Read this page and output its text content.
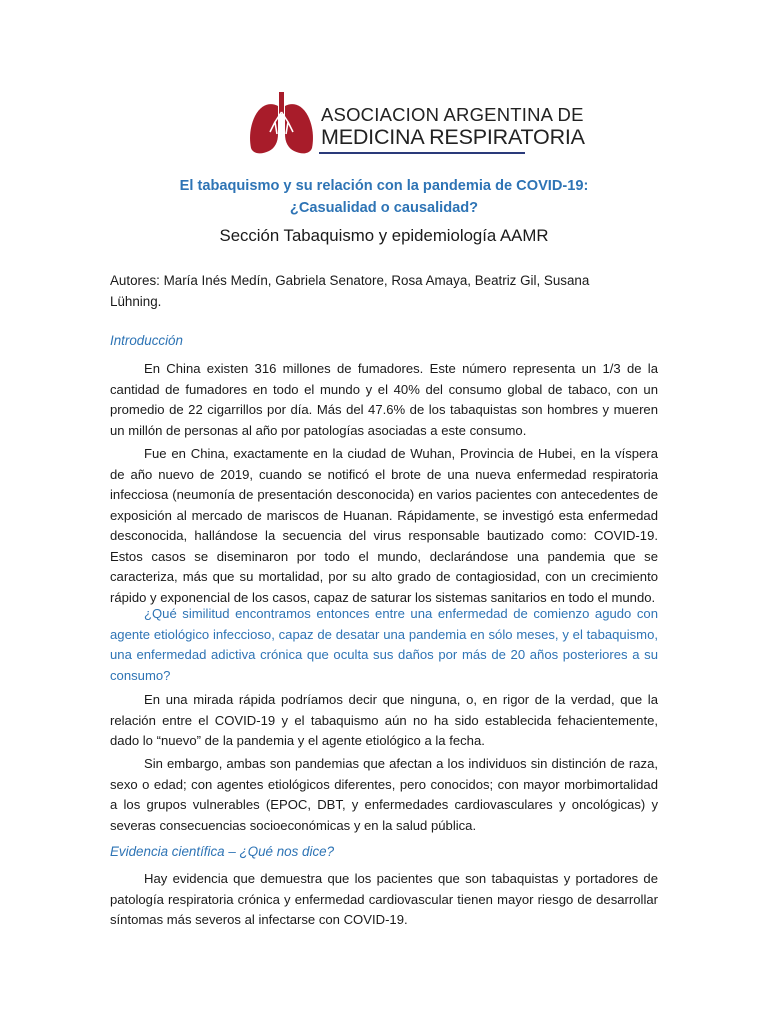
ASOCIACION ARGENTINA DE
MEDICINA RESPIRATORIA
El tabaquismo y su relación con la pandemia de COVID-19:
¿Casualidad o causalidad?
Sección Tabaquismo y epidemiología AAMR
Autores: María Inés Medín, Gabriela Senatore, Rosa Amaya, Beatriz Gil, Susana Lühning.
Introducción
En China existen 316 millones de fumadores. Este número representa un 1/3 de la cantidad de fumadores en todo el mundo y el 40% del consumo global de tabaco, con un promedio de 22 cigarrillos por día. Más del 47.6% de los tabaquistas son hombres y mueren un millón de personas al año por patologías asociadas a este consumo.
Fue en China, exactamente en la ciudad de Wuhan, Provincia de Hubei, en la víspera de año nuevo de 2019, cuando se notificó el brote de una nueva enfermedad respiratoria infecciosa (neumonía de presentación desconocida) en varios pacientes con antecedentes de exposición al mercado de mariscos de Huanan. Rápidamente, se investigó esta enfermedad desconocida, hallándose la secuencia del virus responsable bautizado como: COVID-19. Estos casos se diseminaron por todo el mundo, declarándose una pandemia que se caracteriza, más que su mortalidad, por su alto grado de contagiosidad, con un crecimiento rápido y exponencial de los casos, capaz de saturar los sistemas sanitarios en todo el mundo.
¿Qué similitud encontramos entonces entre una enfermedad de comienzo agudo con agente etiológico infeccioso, capaz de desatar una pandemia en sólo meses, y el tabaquismo, una enfermedad adictiva crónica que oculta sus daños por más de 20 años posteriores a su consumo?
En una mirada rápida podríamos decir que ninguna, o, en rigor de la verdad, que la relación entre el COVID-19 y el tabaquismo aún no ha sido establecida fehacientemente, dado lo “nuevo” de la pandemia y el agente etiológico a la fecha.
Sin embargo, ambas son pandemias que afectan a los individuos sin distinción de raza, sexo o edad; con agentes etiológicos diferentes, pero conocidos; con mayor morbimortalidad a los grupos vulnerables (EPOC, DBT, y enfermedades cardiovasculares y oncológicas) y severas consecuencias socioeconómicas y en la salud pública.
Evidencia científica – ¿Qué nos dice?
Hay evidencia que demuestra que los pacientes que son tabaquistas y portadores de patología respiratoria crónica y enfermedad cardiovascular tienen mayor riesgo de desarrollar síntomas más severos al infectarse con COVID-19.
